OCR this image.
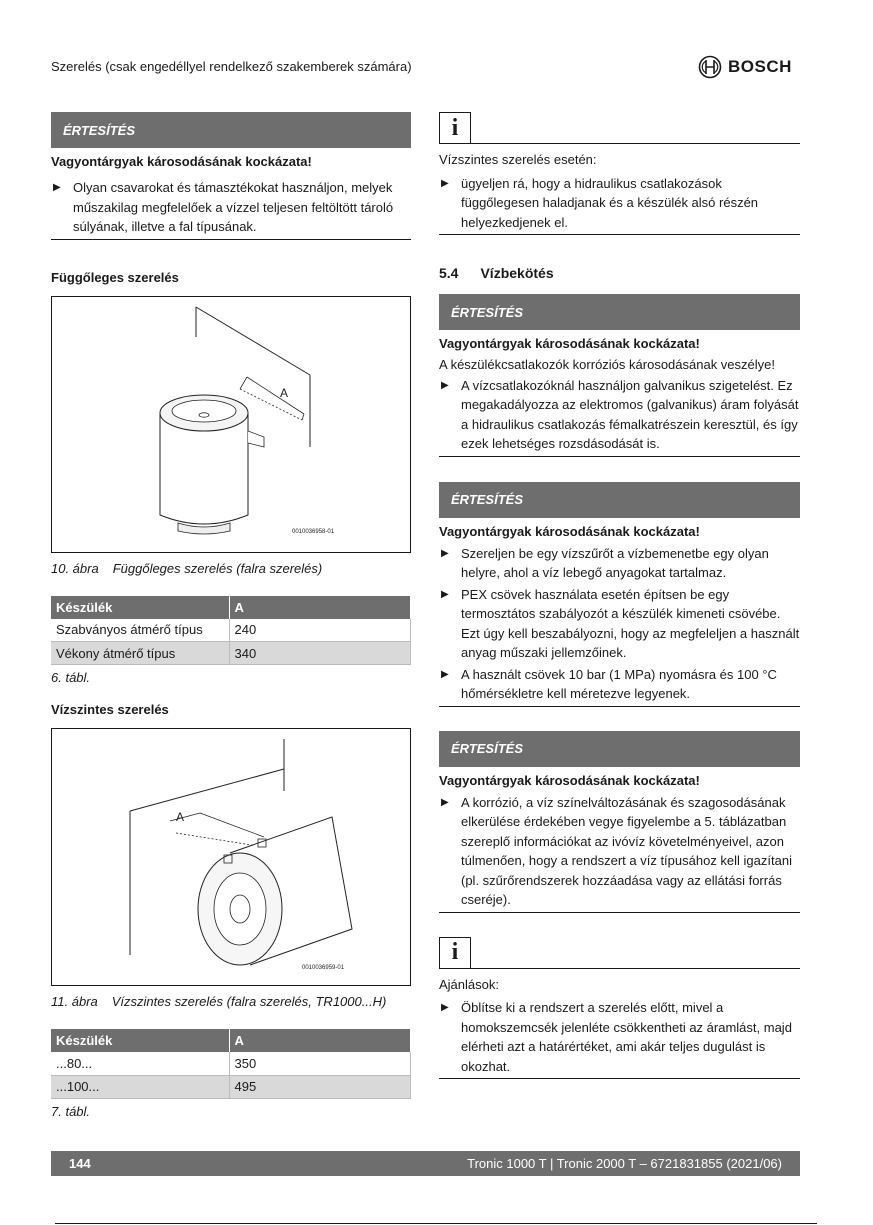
Szerelés (csak engedéllyel rendelkező szakemberek számára)	BOSCH
ÉRTESÍTÉS
Vagyontárgyak károsodásának kockázata!
▶ Olyan csavarokat és támasztékokat használjon, melyek műszakilag megfelelőek a vízzel teljesen feltöltött tároló súlyának, illetve a fal típusának.
Függőleges szerelés
A
0010036958-01
10. ábra Függőleges szerelés (falra szerelés)
Készülék	A
Szabványos átmérő típus	240
Vékony átmérő típus	340
6. tábl.
Vízszintes szerelés
A
0010036959-01
11. ábra Vízszintes szerelés (falra szerelés, TR1000...H)
Készülék	A
...80...	350
...100...	495
7. tábl.
i
Vízszintes szerelés esetén:
▶ ügyeljen rá, hogy a hidraulikus csatlakozások függőlegesen haladjanak és a készülék alsó részén helyezkedjenek el.
5.4 Vízbekötés
ÉRTESÍTÉS
Vagyontárgyak károsodásának kockázata!
A készülékcsatlakozók korróziós károsodásának veszélye!
▶ A vízcsatlakozóknál használjon galvanikus szigetelést. Ez megakadályozza az elektromos (galvanikus) áram folyását a hidraulikus csatlakozás fémalkatrészein keresztül, és így ezek lehetséges rozsdásodását is.
ÉRTESÍTÉS
Vagyontárgyak károsodásának kockázata!
▶ Szereljen be egy vízszűrőt a vízbemenetbe egy olyan helyre, ahol a víz lebegő anyagokat tartalmaz.
▶ PEX csövek használata esetén építsen be egy termosztátos szabályozót a készülék kimeneti csövébe. Ezt úgy kell beszabályozni, hogy az megfeleljen a használt anyag műszaki jellemzőinek.
▶ A használt csövek 10 bar (1 MPa) nyomásra és 100 °C hőmérsékletre kell méretezve legyenek.
ÉRTESÍTÉS
Vagyontárgyak károsodásának kockázata!
▶ A korrózió, a víz színelváltozásának és szagosodásának elkerülése érdekében vegye figyelembe a 5. táblázatban szereplő információkat az ivóvíz követelményeivel, azon túlmenően, hogy a rendszert a víz típusához kell igazítani (pl. szűrőrendszerek hozzáadása vagy az ellátási forrás cseréje).
i
Ajánlások:
▶ Öblítse ki a rendszert a szerelés előtt, mivel a homokszemcsék jelenléte csökkentheti az áramlást, majd elérheti azt a határértéket, ami akár teljes dugulást is okozhat.
144	Tronic 1000 T | Tronic 2000 T – 6721831855 (2021/06)
